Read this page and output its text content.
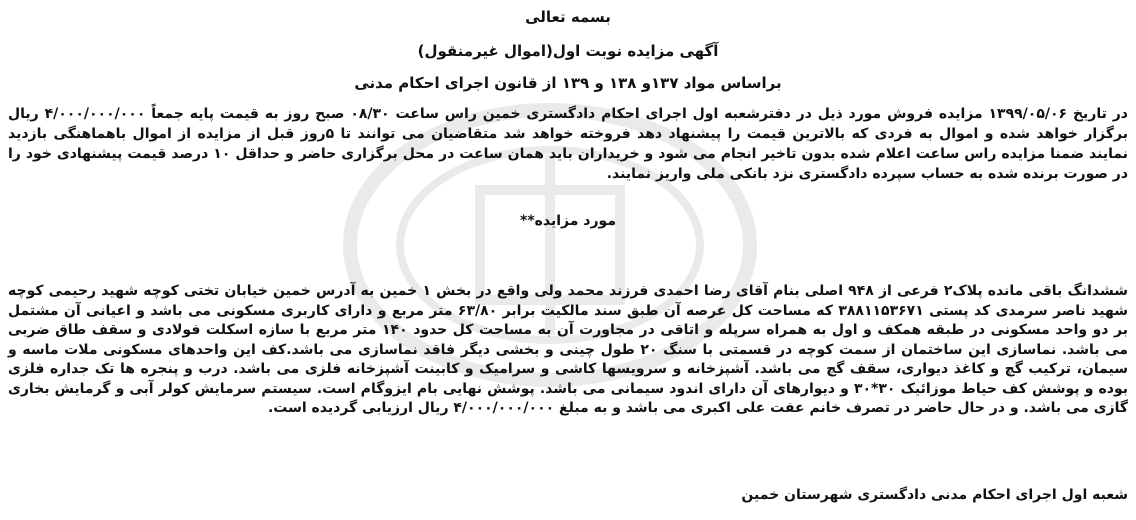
بسمه تعالی
آگهی مزایده نوبت اول(اموال غیرمنقول)
براساس مواد ۱۳۷و ۱۳۸ و ۱۳۹ از قانون اجرای احکام مدنی
در تاریخ ۱۳۹۹/۰۵/۰۶ مزایده فروش مورد ذیل در دفترشعبه اول اجرای احکام دادگستری خمین راس ساعت ۰۸/۳۰ صبح روز به قیمت پایه جمعاً ۴/۰۰۰/۰۰۰/۰۰۰ ریال برگزار خواهد شده و اموال به فردی که بالاترین قیمت را پیشنهاد دهد فروخته خواهد شد متقاضیان می توانند تا ۵روز قبل از مزایده از اموال باهماهنگی بازدید نمایند ضمنا مزایده راس ساعت اعلام شده بدون تاخیر انجام می شود و خریداران باید همان ساعت در محل برگزاری حاضر و حداقل ۱۰ درصد قیمت پیشنهادی خود را در صورت برنده شده به حساب سپرده دادگستری نزد بانکی ملی واریز نمایند.
مورد مزایده**
ششدانگ باقی مانده پلاک۲ فرعی از ۹۴۸ اصلی بنام آقای رضا احمدی فرزند محمد ولی واقع در بخش ۱ خمین به آدرس خمین خیابان تختی کوچه شهید رحیمی کوچه شهید ناصر سرمدی کد پستی ۳۸۸۱۱۵۳۶۷۱ که مساحت کل عرصه آن طبق سند مالکیت برابر ۶۳/۸۰ متر مربع و دارای کاربری مسکونی می باشد و اعیانی آن مشتمل بر دو واحد مسکونی در طبقه همکف و اول به همراه سرپله و اتاقی در مجاورت آن به مساحت کل حدود ۱۴۰ متر مربع با سازه اسکلت فولادی و سقف طاق ضربی می باشد. نماسازی این ساختمان از سمت کوچه در قسمتی با سنگ ۲۰ طول چینی و بخشی دیگر فاقد نماسازی می باشد.کف این واحدهای مسکونی ملات ماسه و سیمان، ترکیب گچ و کاغذ دیواری، سقف گچ می باشد. آشپزخانه و سرویسها کاشی و سرامیک و کابینت آشپزخانه فلزی می باشد. درب و پنجره ها تک جداره فلزی بوده و پوشش کف حیاط موزائیک ۳۰*۳۰ و دیوارهای آن دارای اندود سیمانی می باشد. پوشش نهایی بام ایزوگام است. سیستم سرمایش کولر آبی و گرمایش بخاری گازی می باشد. و در حال حاضر در تصرف خانم عفت علی اکبری می باشد و به مبلغ ۴/۰۰۰/۰۰۰/۰۰۰ ریال ارزیابی گردیده است.
شعبه اول اجرای احکام مدنی دادگستری شهرستان خمین
